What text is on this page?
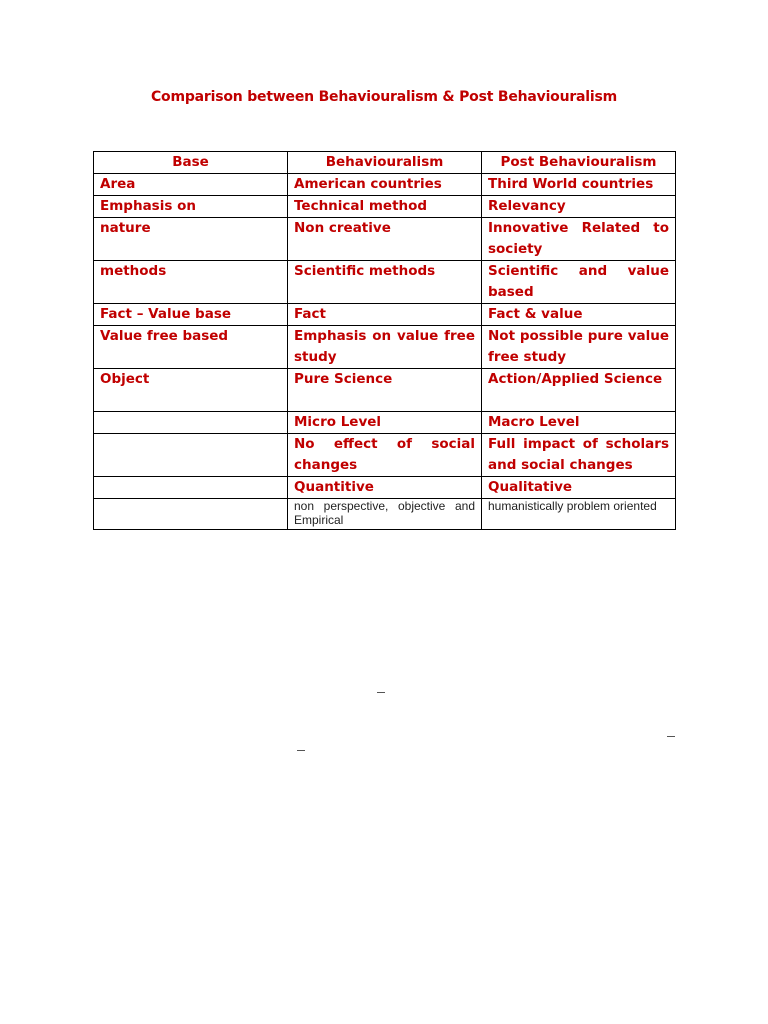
Comparison between Behaviouralism & Post Behaviouralism
Base	Behaviouralism	Post Behaviouralism
Area	American countries	Third World countries
Emphasis on	Technical method	Relevancy
nature	Non creative	Innovative Related to society
methods	Scientific methods	Scientific and value based
Fact – Value base	Fact	Fact & value
Value free based	Emphasis on value free study	Not possible pure value free study
Object	Pure Science	Action/Applied Science
	Micro Level	Macro Level
	No effect of social changes	Full impact of scholars and social changes
	Quantitive	Qualitative
	non perspective, objective and Empirical	humanistically problem oriented
